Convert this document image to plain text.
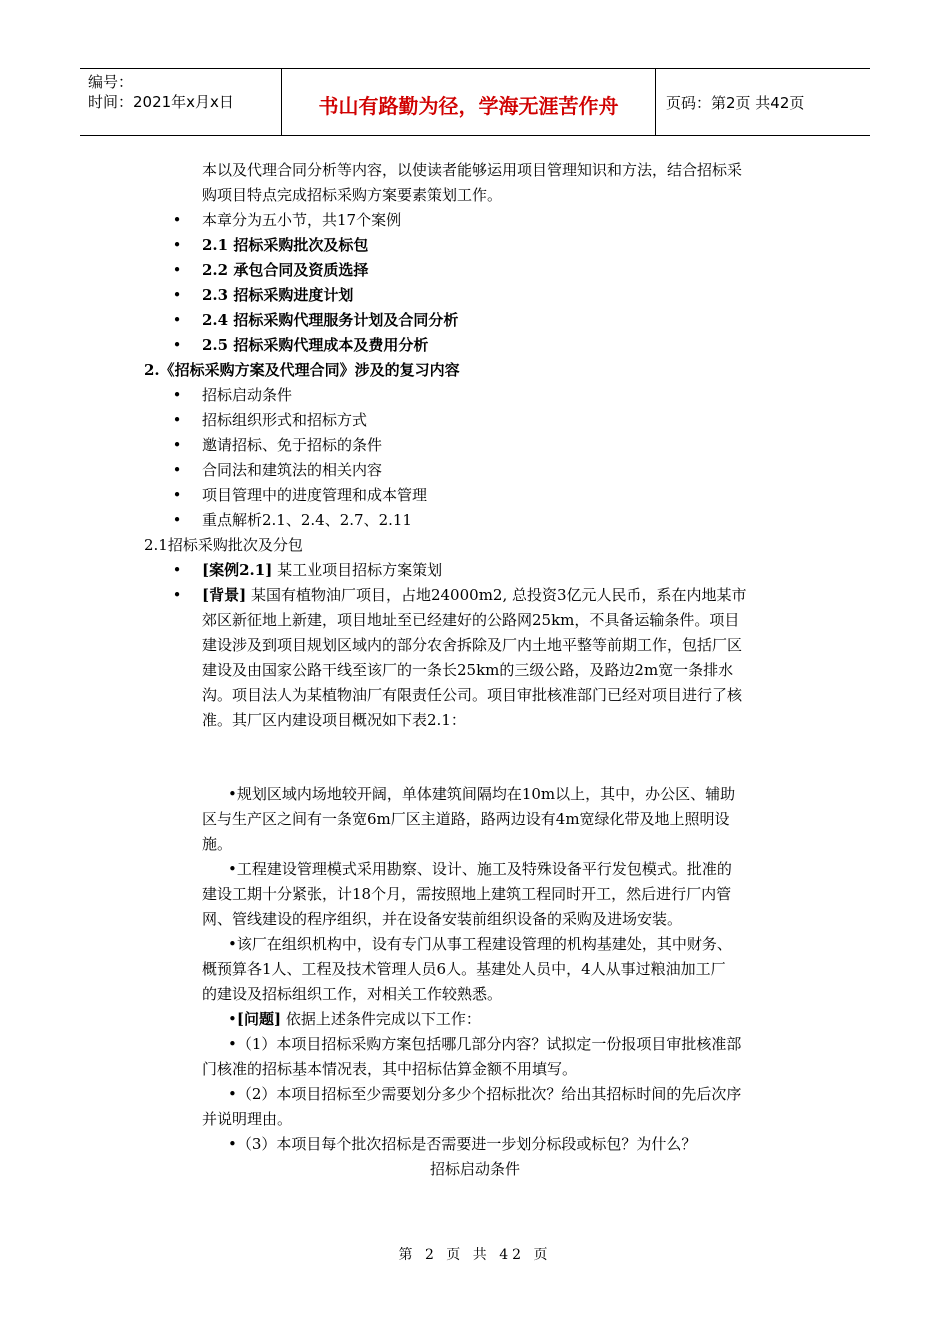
编号：
时间：2021年x月x日	书山有路勤为径，学海无涯苦作舟	页码：第2页 共42页
本以及代理合同分析等内容，以使读者能够运用项目管理知识和方法，结合招标采
购项目特点完成招标采购方案要素策划工作。
•	本章分为五小节，共17个案例
•	2.1 招标采购批次及标包
•	2.2 承包合同及资质选择
•	2.3 招标采购进度计划
•	2.4 招标采购代理服务计划及合同分析
•	2.5 招标采购代理成本及费用分析
2.《招标采购方案及代理合同》涉及的复习内容
•	招标启动条件
•	招标组织形式和招标方式
•	邀请招标、免于招标的条件
•	合同法和建筑法的相关内容
•	项目管理中的进度管理和成本管理
•	重点解析2.1、2.4、2.7、2.11
2.1招标采购批次及分包
•	[案例2.1] 某工业项目招标方案策划
•	[背景] 某国有植物油厂项目，占地24000m2, 总投资3亿元人民币，系在内地某市
郊区新征地上新建，项目地址至已经建好的公路网25km，不具备运输条件。项目
建设涉及到项目规划区域内的部分农舍拆除及厂内土地平整等前期工作，包括厂区
建设及由国家公路干线至该厂的一条长25km的三级公路，及路边2m宽一条排水
沟。项目法人为某植物油厂有限责任公司。项目审批核准部门已经对项目进行了核
准。其厂区内建设项目概况如下表2.1：
•规划区域内场地较开阔，单体建筑间隔均在10m以上，其中，办公区、辅助
区与生产区之间有一条宽6m厂区主道路，路两边设有4m宽绿化带及地上照明设
施。
•工程建设管理模式采用勘察、设计、施工及特殊设备平行发包模式。批准的
建设工期十分紧张，计18个月，需按照地上建筑工程同时开工，然后进行厂内管
网、管线建设的程序组织，并在设备安装前组织设备的采购及进场安装。
•该厂在组织机构中，设有专门从事工程建设管理的机构基建处，其中财务、
概预算各1人、工程及技术管理人员6人。基建处人员中，4人从事过粮油加工厂
的建设及招标组织工作，对相关工作较熟悉。
•[问题] 依据上述条件完成以下工作：
•（1）本项目招标采购方案包括哪几部分内容？试拟定一份报项目审批核准部
门核准的招标基本情况表，其中招标估算金额不用填写。
•（2）本项目招标至少需要划分多少个招标批次？给出其招标时间的先后次序
并说明理由。
•（3）本项目每个批次招标是否需要进一步划分标段或标包？为什么？
招标启动条件
第 2 页 共 42 页
